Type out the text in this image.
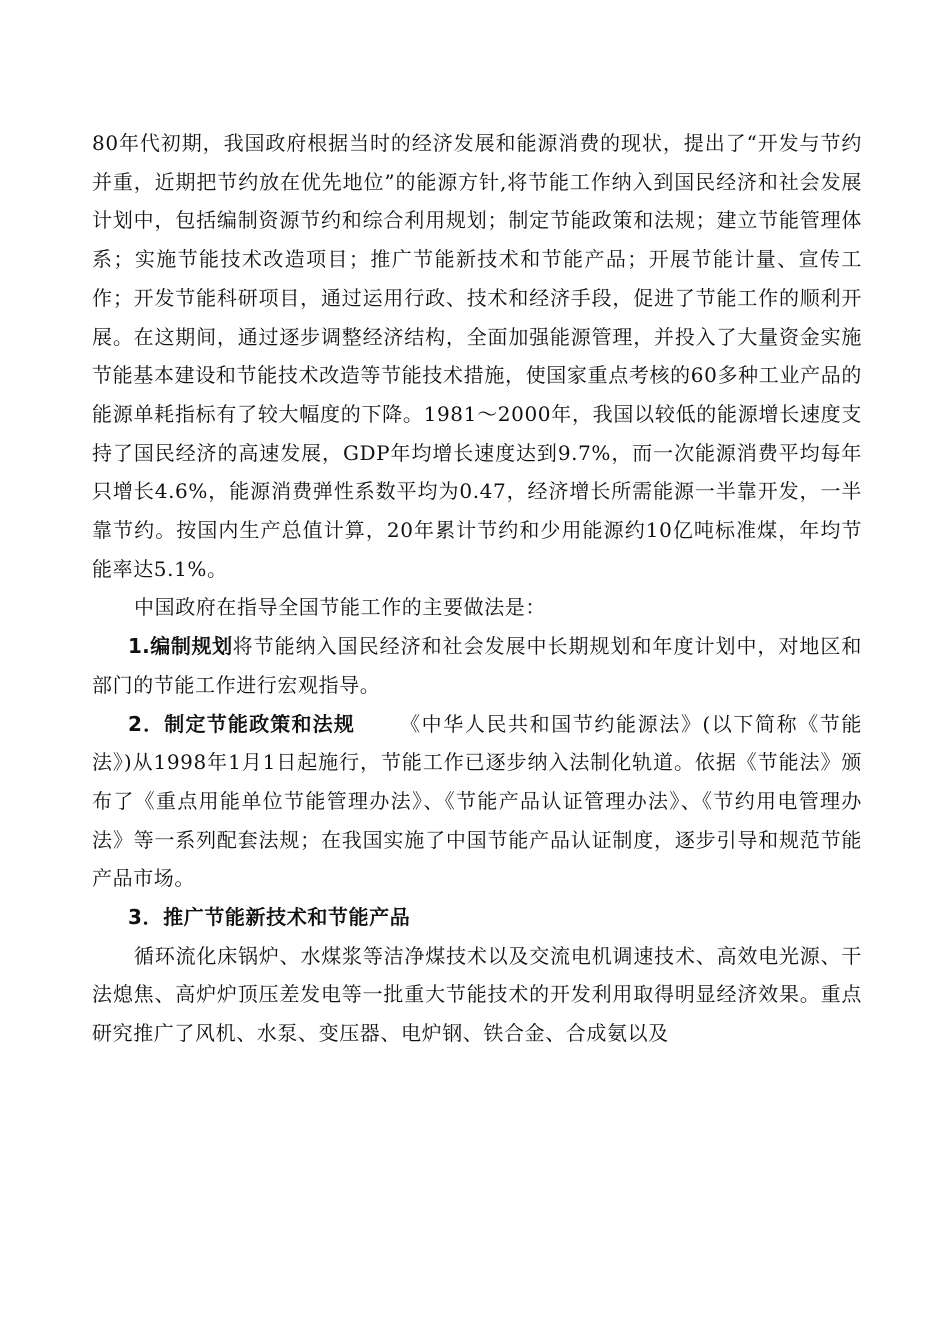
80年代初期，我国政府根据当时的经济发展和能源消费的现状，提出了“开发与节约并重，近期把节约放在优先地位”的能源方针,将节能工作纳入到国民经济和社会发展计划中，包括编制资源节约和综合利用规划；制定节能政策和法规；建立节能管理体系；实施节能技术改造项目；推广节能新技术和节能产品；开展节能计量、宣传工作；开发节能科研项目，通过运用行政、技术和经济手段，促进了节能工作的顺利开展。在这期间，通过逐步调整经济结构，全面加强能源管理，并投入了大量资金实施节能基本建设和节能技术改造等节能技术措施，使国家重点考核的60多种工业产品的能源单耗指标有了较大幅度的下降。1981～2000年，我国以较低的能源增长速度支持了国民经济的高速发展，GDP年均增长速度达到9.7%，而一次能源消费平均每年只增长4.6%，能源消费弹性系数平均为0.47，经济增长所需能源一半靠开发，一半靠节约。按国内生产总值计算，20年累计节约和少用能源约10亿吨标准煤，年均节能率达5.1%。

中国政府在指导全国节能工作的主要做法是：

1.编制规划将节能纳入国民经济和社会发展中长期规划和年度计划中，对地区和部门的节能工作进行宏观指导。

2．制定节能政策和法规 《中华人民共和国节约能源法》(以下简称《节能法》)从1998年1月1日起施行，节能工作已逐步纳入法制化轨道。依据《节能法》颁布了《重点用能单位节能管理办法》、《节能产品认证管理办法》、《节约用电管理办法》等一系列配套法规；在我国实施了中国节能产品认证制度，逐步引导和规范节能产品市场。

3．推广节能新技术和节能产品

循环流化床锅炉、水煤浆等洁净煤技术以及交流电机调速技术、高效电光源、干法熄焦、高炉炉顶压差发电等一批重大节能技术的开发利用取得明显经济效果。重点研究推广了风机、水泵、变压器、电炉钢、铁合金、合成氨以及
